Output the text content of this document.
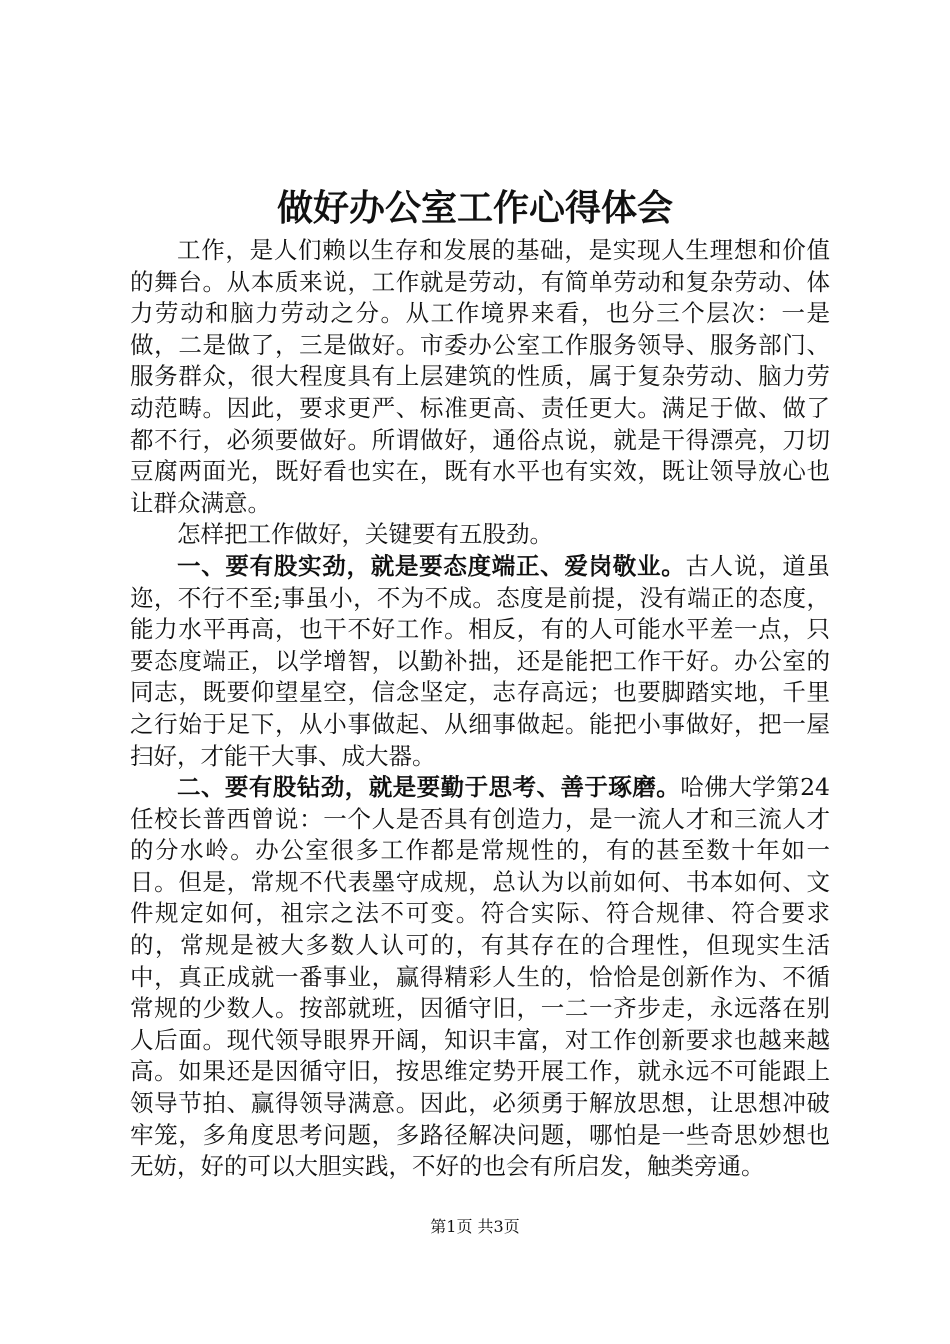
做好办公室工作心得体会

工作，是人们赖以生存和发展的基础，是实现人生理想和价值的舞台。从本质来说，工作就是劳动，有简单劳动和复杂劳动、体力劳动和脑力劳动之分。从工作境界来看，也分三个层次：一是做，二是做了，三是做好。市委办公室工作服务领导、服务部门、服务群众，很大程度具有上层建筑的性质，属于复杂劳动、脑力劳动范畴。因此，要求更严、标准更高、责任更大。满足于做、做了都不行，必须要做好。所谓做好，通俗点说，就是干得漂亮，刀切豆腐两面光，既好看也实在，既有水平也有实效，既让领导放心也让群众满意。

怎样把工作做好，关键要有五股劲。

一、要有股实劲，就是要态度端正、爱岗敬业。古人说，道虽迩，不行不至;事虽小，不为不成。态度是前提，没有端正的态度，能力水平再高，也干不好工作。相反，有的人可能水平差一点，只要态度端正，以学增智，以勤补拙，还是能把工作干好。办公室的同志，既要仰望星空，信念坚定，志存高远；也要脚踏实地，千里之行始于足下，从小事做起、从细事做起。能把小事做好，把一屋扫好，才能干大事、成大器。

二、要有股钻劲，就是要勤于思考、善于琢磨。哈佛大学第24任校长普西曾说：一个人是否具有创造力，是一流人才和三流人才的分水岭。办公室很多工作都是常规性的，有的甚至数十年如一日。但是，常规不代表墨守成规，总认为以前如何、书本如何、文件规定如何，祖宗之法不可变。符合实际、符合规律、符合要求的，常规是被大多数人认可的，有其存在的合理性，但现实生活中，真正成就一番事业，赢得精彩人生的，恰恰是创新作为、不循常规的少数人。按部就班，因循守旧，一二一齐步走，永远落在别人后面。现代领导眼界开阔，知识丰富，对工作创新要求也越来越高。如果还是因循守旧，按思维定势开展工作，就永远不可能跟上领导节拍、赢得领导满意。因此，必须勇于解放思想，让思想冲破牢笼，多角度思考问题，多路径解决问题，哪怕是一些奇思妙想也无妨，好的可以大胆实践，不好的也会有所启发，触类旁通。

第1页 共3页
